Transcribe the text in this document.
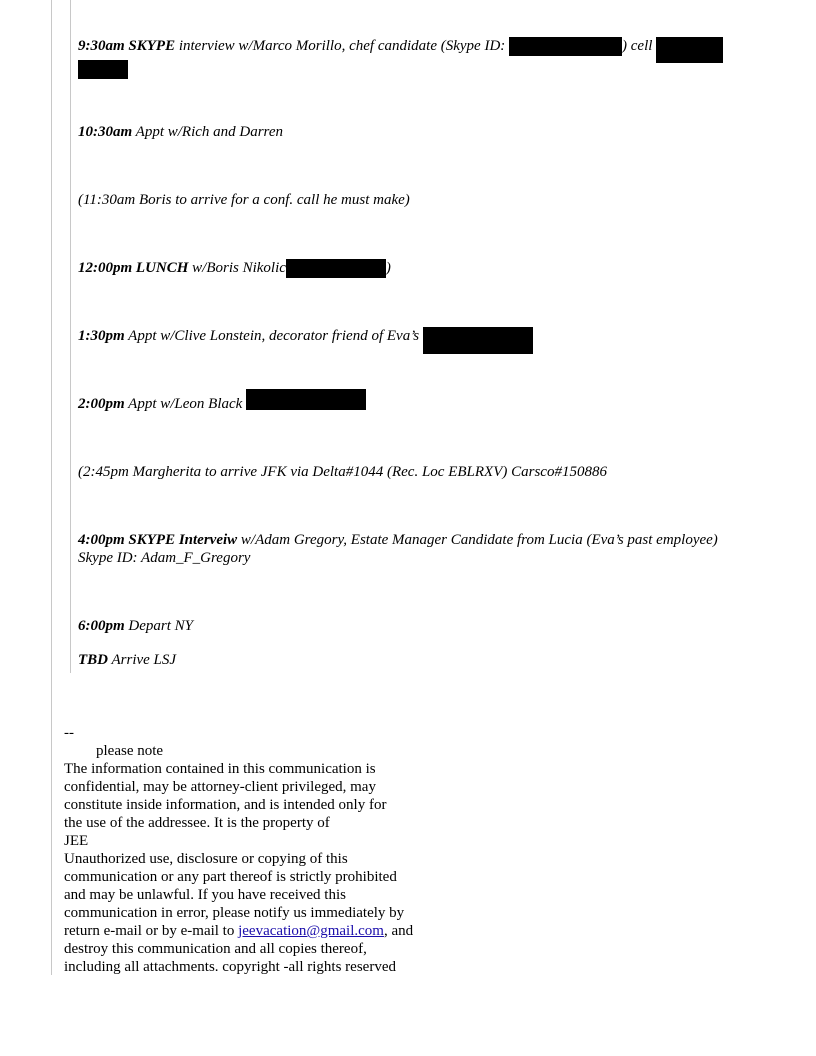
9:30am SKYPE interview w/Marco Morillo, chef candidate (Skype ID:	) cell
10:30am Appt w/Rich and Darren
(11:30am Boris to arrive for a conf. call he must make)
12:00pm LUNCH w/Boris Nikolic	)
1:30pm Appt w/Clive Lonstein, decorator friend of Eva’s
2:00pm Appt w/Leon Black
(2:45pm Margherita to arrive JFK via Delta#1044 (Rec. Loc EBLRXV) Carsco#150886
4:00pm SKYPE Interveiw w/Adam Gregory, Estate Manager Candidate from Lucia (Eva’s past employee)
Skype ID: Adam_F_Gregory
6:00pm Depart NY
TBD Arrive LSJ
--
please note
The information contained in this communication is
confidential, may be attorney-client privileged, may
constitute inside information, and is intended only for
the use of the addressee. It is the property of
JEE
Unauthorized use, disclosure or copying of this
communication or any part thereof is strictly prohibited
and may be unlawful. If you have received this
communication in error, please notify us immediately by
return e-mail or by e-mail to jeevacation@gmail.com, and
destroy this communication and all copies thereof,
including all attachments. copyright -all rights reserved
